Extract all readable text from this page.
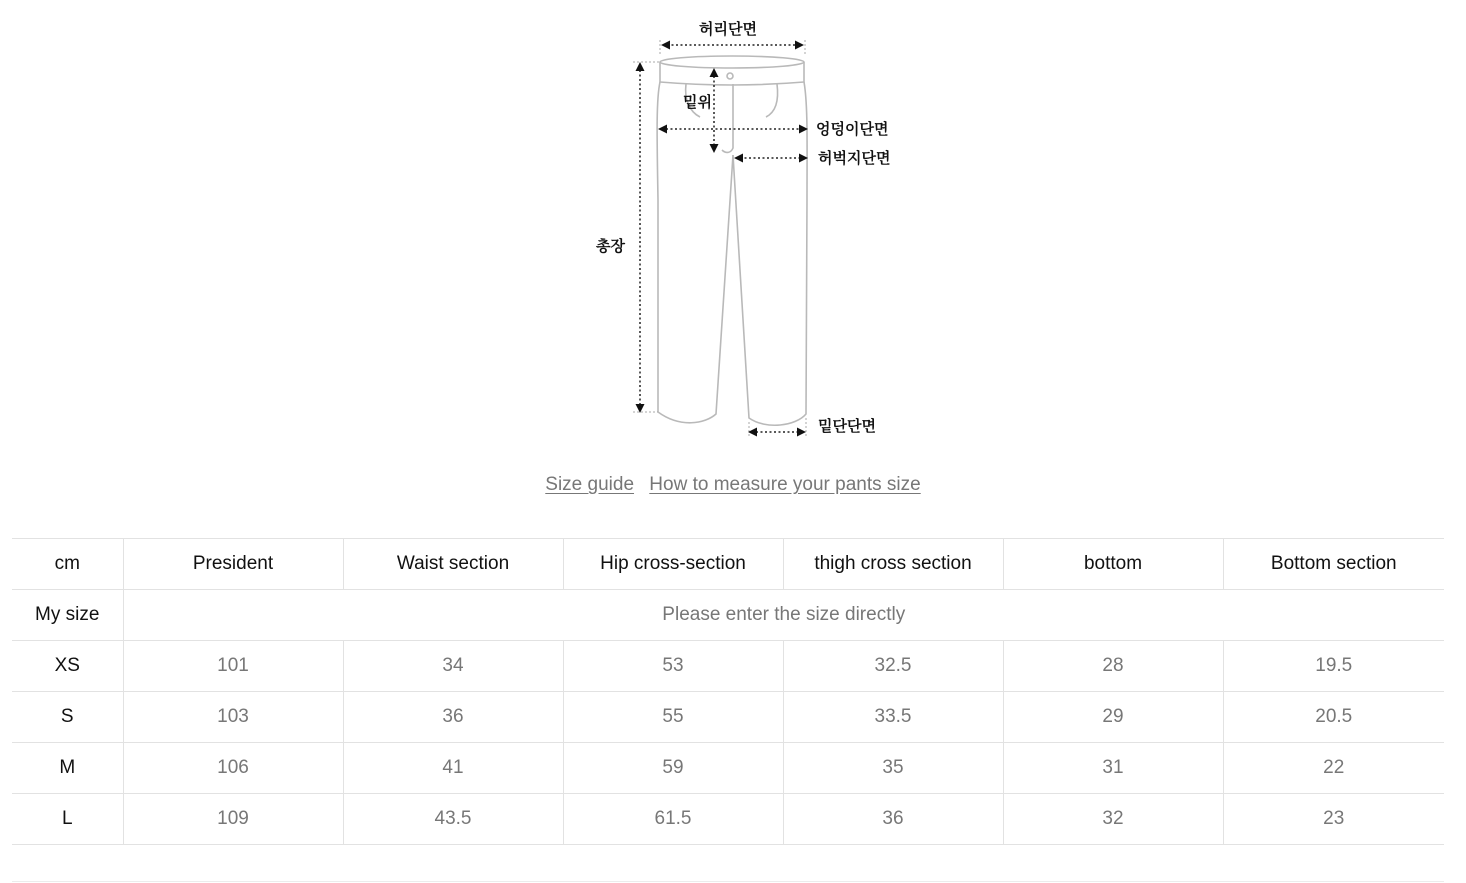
허리단면
밑위
엉덩이단면
허벅지단면
총장
밑단단면
Size guide How to measure your pants size
cm	President	Waist section	Hip cross-section	thigh cross section	bottom	Bottom section
My size	Please enter the size directly					
XS	101	34	53	32.5	28	19.5
S	103	36	55	33.5	29	20.5
M	106	41	59	35	31	22
L	109	43.5	61.5	36	32	23
